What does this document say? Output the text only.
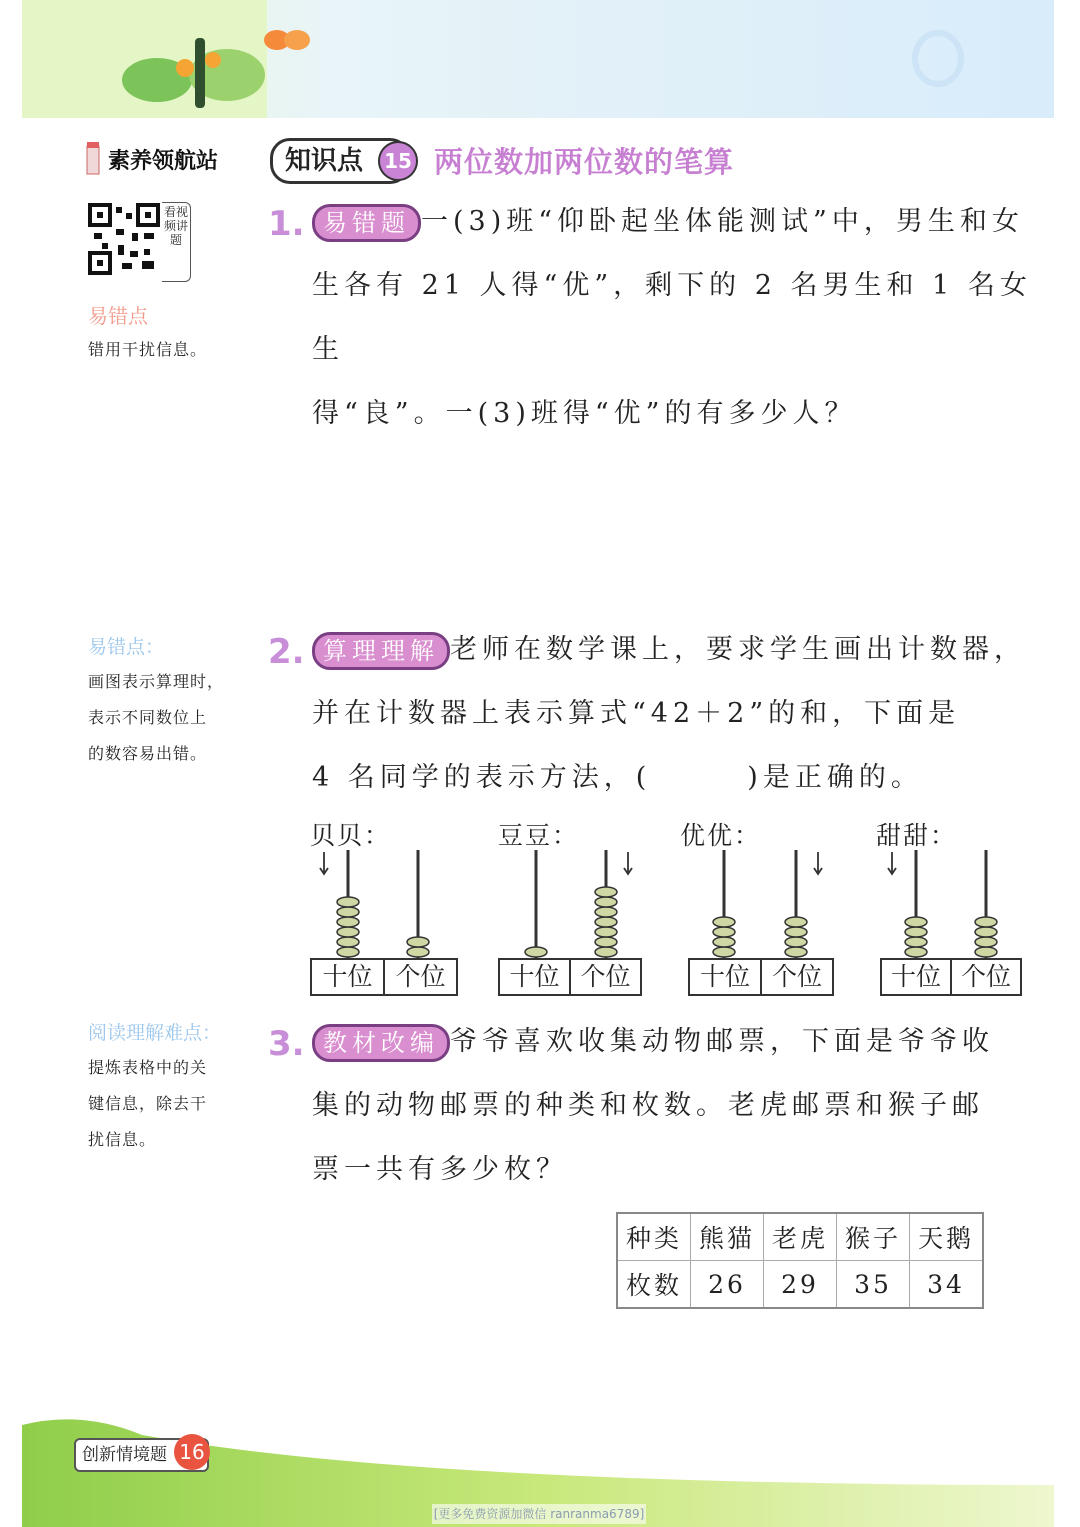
素养领航站	知识点	15 两位数加两位数的笔算
看视频讲题
易错点
错用干扰信息。
易错点：
画图表示算理时，
表示不同数位上
的数容易出错。
阅读理解难点：
提炼表格中的关
键信息，除去干
扰信息。
1. 易错题 一(3)班“仰卧起坐体能测试”中，男生和女
生各有 21 人得“优”，剩下的 2 名男生和 1 名女生
得“良”。一(3)班得“优”的有多少人？
2. 算理理解 老师在数学课上，要求学生画出计数器，
并在计数器上表示算式“42＋2”的和，下面是
4 名同学的表示方法，(　　　)是正确的。
贝贝：	豆豆：	优优：	甜甜：
十位 个位	十位 个位	十位 个位	十位 个位
3. 教材改编 爷爷喜欢收集动物邮票，下面是爷爷收
集的动物邮票的种类和枚数。老虎邮票和猴子邮
票一共有多少枚？
种类	熊猫	老虎	猴子	天鹅
枚数	26	29	35	34
创新情境题 16
[更多免费资源加微信 ranranma6789]
